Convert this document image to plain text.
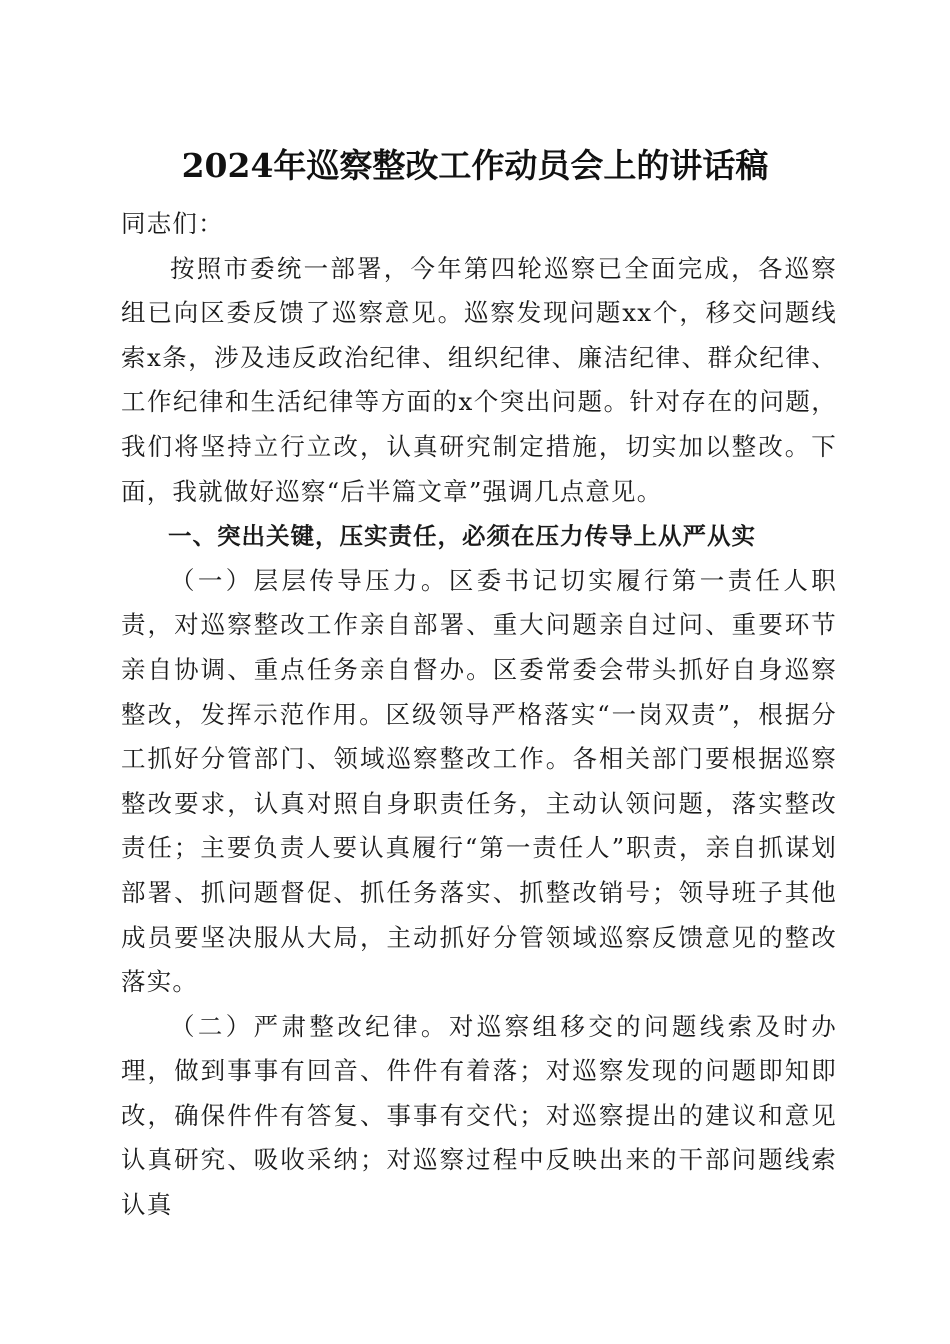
2024年巡察整改工作动员会上的讲话稿

同志们：

按照市委统一部署，今年第四轮巡察已全面完成，各巡察组已向区委反馈了巡察意见。巡察发现问题xx个，移交问题线索x条，涉及违反政治纪律、组织纪律、廉洁纪律、群众纪律、工作纪律和生活纪律等方面的x个突出问题。针对存在的问题，我们将坚持立行立改，认真研究制定措施，切实加以整改。下面，我就做好巡察“后半篇文章”强调几点意见。

一、突出关键，压实责任，必须在压力传导上从严从实

（一）层层传导压力。区委书记切实履行第一责任人职责，对巡察整改工作亲自部署、重大问题亲自过问、重要环节亲自协调、重点任务亲自督办。区委常委会带头抓好自身巡察整改，发挥示范作用。区级领导严格落实“一岗双责”，根据分工抓好分管部门、领域巡察整改工作。各相关部门要根据巡察整改要求，认真对照自身职责任务，主动认领问题，落实整改责任；主要负责人要认真履行“第一责任人”职责，亲自抓谋划部署、抓问题督促、抓任务落实、抓整改销号；领导班子其他成员要坚决服从大局，主动抓好分管领域巡察反馈意见的整改落实。

（二）严肃整改纪律。对巡察组移交的问题线索及时办理，做到事事有回音、件件有着落；对巡察发现的问题即知即改，确保件件有答复、事事有交代；对巡察提出的建议和意见认真研究、吸收采纳；对巡察过程中反映出来的干部问题线索认真
